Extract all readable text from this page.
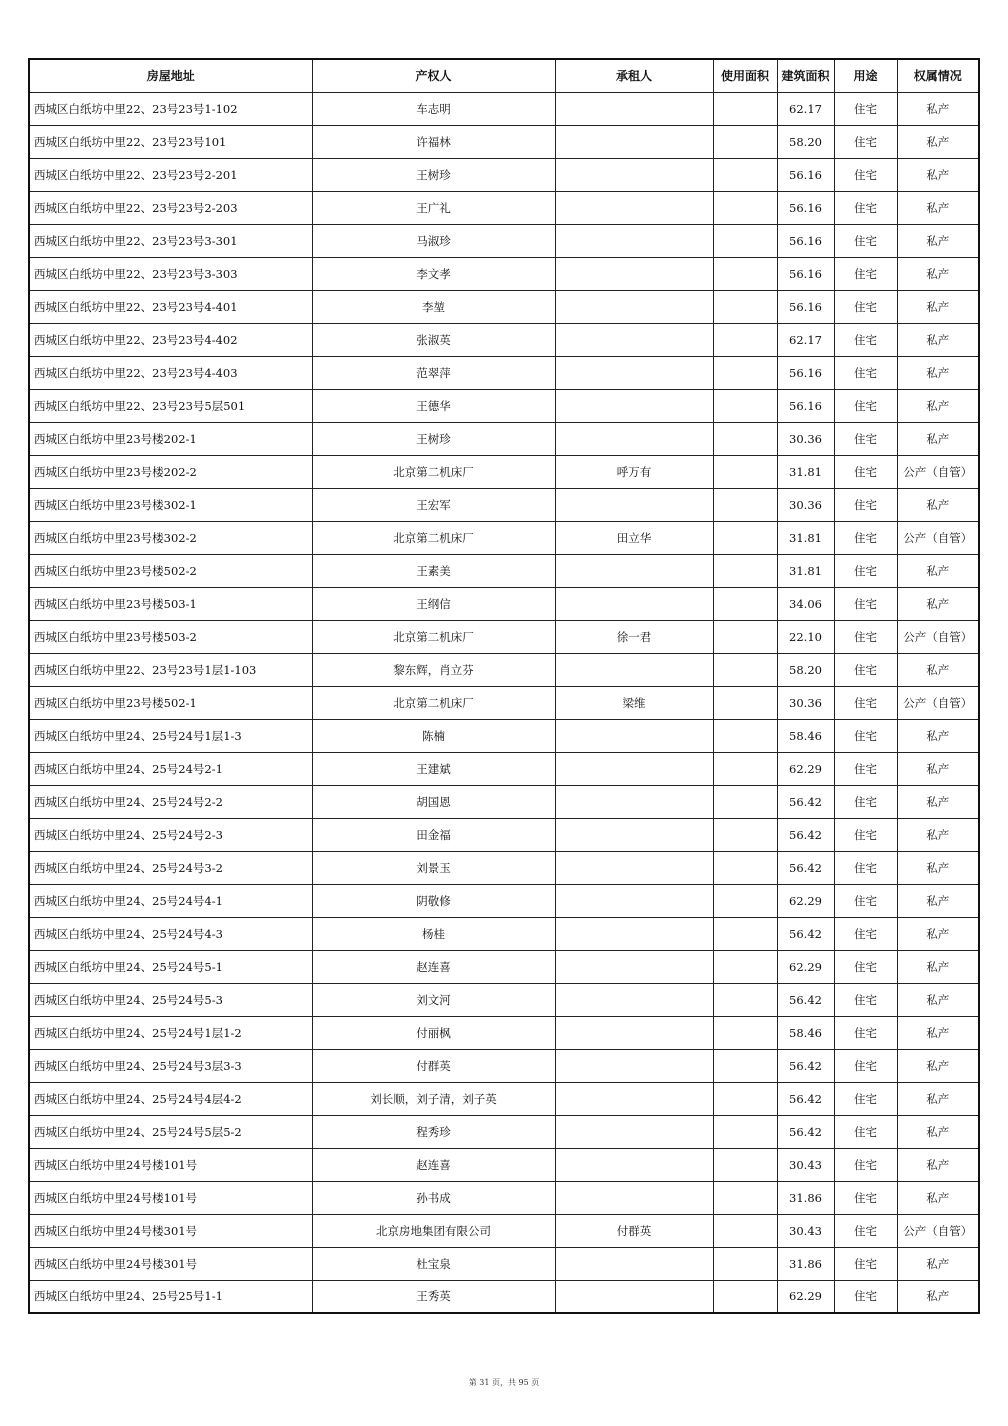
房屋地址	产权人	承租人	使用面积	建筑面积	用途	权属情况
西城区白纸坊中里22、23号23号1-102	车志明			62.17	住宅	私产
西城区白纸坊中里22、23号23号101	许福林			58.20	住宅	私产
西城区白纸坊中里22、23号23号2-201	王树珍			56.16	住宅	私产
西城区白纸坊中里22、23号23号2-203	王广礼			56.16	住宅	私产
西城区白纸坊中里22、23号23号3-301	马淑珍			56.16	住宅	私产
西城区白纸坊中里22、23号23号3-303	李文孝			56.16	住宅	私产
西城区白纸坊中里22、23号23号4-401	李堃			56.16	住宅	私产
西城区白纸坊中里22、23号23号4-402	张淑英			62.17	住宅	私产
西城区白纸坊中里22、23号23号4-403	范翠萍			56.16	住宅	私产
西城区白纸坊中里22、23号23号5层501	王德华			56.16	住宅	私产
西城区白纸坊中里23号楼202-1	王树珍			30.36	住宅	私产
西城区白纸坊中里23号楼202-2	北京第二机床厂	呼万有		31.81	住宅	公产（自管）
西城区白纸坊中里23号楼302-1	王宏军			30.36	住宅	私产
西城区白纸坊中里23号楼302-2	北京第二机床厂	田立华		31.81	住宅	公产（自管）
西城区白纸坊中里23号楼502-2	王素美			31.81	住宅	私产
西城区白纸坊中里23号楼503-1	王纲信			34.06	住宅	私产
西城区白纸坊中里23号楼503-2	北京第二机床厂	徐一君		22.10	住宅	公产（自管）
西城区白纸坊中里22、23号23号1层1-103	黎东辉，肖立芬			58.20	住宅	私产
西城区白纸坊中里23号楼502-1	北京第二机床厂	梁维		30.36	住宅	公产（自管）
西城区白纸坊中里24、25号24号1层1-3	陈楠			58.46	住宅	私产
西城区白纸坊中里24、25号24号2-1	王建斌			62.29	住宅	私产
西城区白纸坊中里24、25号24号2-2	胡国恩			56.42	住宅	私产
西城区白纸坊中里24、25号24号2-3	田金福			56.42	住宅	私产
西城区白纸坊中里24、25号24号3-2	刘景玉			56.42	住宅	私产
西城区白纸坊中里24、25号24号4-1	阴敬修			62.29	住宅	私产
西城区白纸坊中里24、25号24号4-3	杨桂			56.42	住宅	私产
西城区白纸坊中里24、25号24号5-1	赵连喜			62.29	住宅	私产
西城区白纸坊中里24、25号24号5-3	刘文河			56.42	住宅	私产
西城区白纸坊中里24、25号24号1层1-2	付丽枫			58.46	住宅	私产
西城区白纸坊中里24、25号24号3层3-3	付群英			56.42	住宅	私产
西城区白纸坊中里24、25号24号4层4-2	刘长顺，刘子清，刘子英			56.42	住宅	私产
西城区白纸坊中里24、25号24号5层5-2	程秀珍			56.42	住宅	私产
西城区白纸坊中里24号楼101号	赵连喜			30.43	住宅	私产
西城区白纸坊中里24号楼101号	孙书成			31.86	住宅	私产
西城区白纸坊中里24号楼301号	北京房地集团有限公司	付群英		30.43	住宅	公产（自管）
西城区白纸坊中里24号楼301号	杜宝泉			31.86	住宅	私产
西城区白纸坊中里24、25号25号1-1	王秀英			62.29	住宅	私产
第 31 页，共 95 页
